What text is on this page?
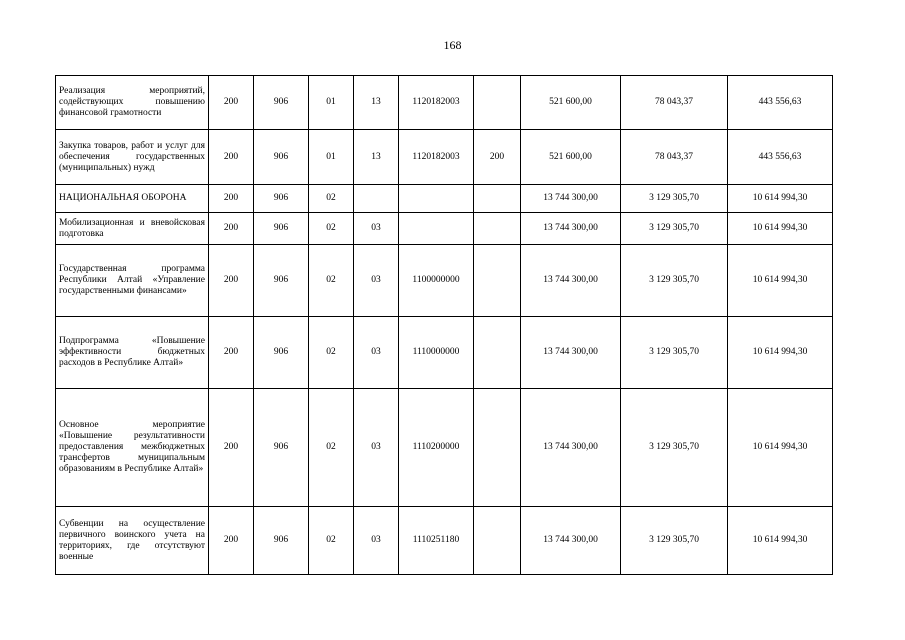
168
Реализация мероприятий, содействующих повышению финансовой грамотности	200	906	01	13	1120182003		521 600,00	78 043,37	443 556,63

Закупка товаров, работ и услуг для обеспечения государственных (муниципальных) нужд	200	906	01	13	1120182003	200	521 600,00	78 043,37	443 556,63

НАЦИОНАЛЬНАЯ ОБОРОНА	200	906	02				13 744 300,00	3 129 305,70	10 614 994,30

Мобилизационная и вневойсковая подготовка	200	906	02	03			13 744 300,00	3 129 305,70	10 614 994,30

Государственная программа Республики Алтай «Управление государственными финансами»	200	906	02	03	1100000000		13 744 300,00	3 129 305,70	10 614 994,30

Подпрограмма «Повышение эффективности бюджетных расходов в Республике Алтай»	200	906	02	03	1110000000		13 744 300,00	3 129 305,70	10 614 994,30

Основное мероприятие «Повышение результативности предоставления межбюджетных трансфертов муниципальным образованиям в Республике Алтай»	200	906	02	03	1110200000		13 744 300,00	3 129 305,70	10 614 994,30

Субвенции на осуществление первичного воинского учета на территориях, где отсутствуют военные	200	906	02	03	1110251180		13 744 300,00	3 129 305,70	10 614 994,30
